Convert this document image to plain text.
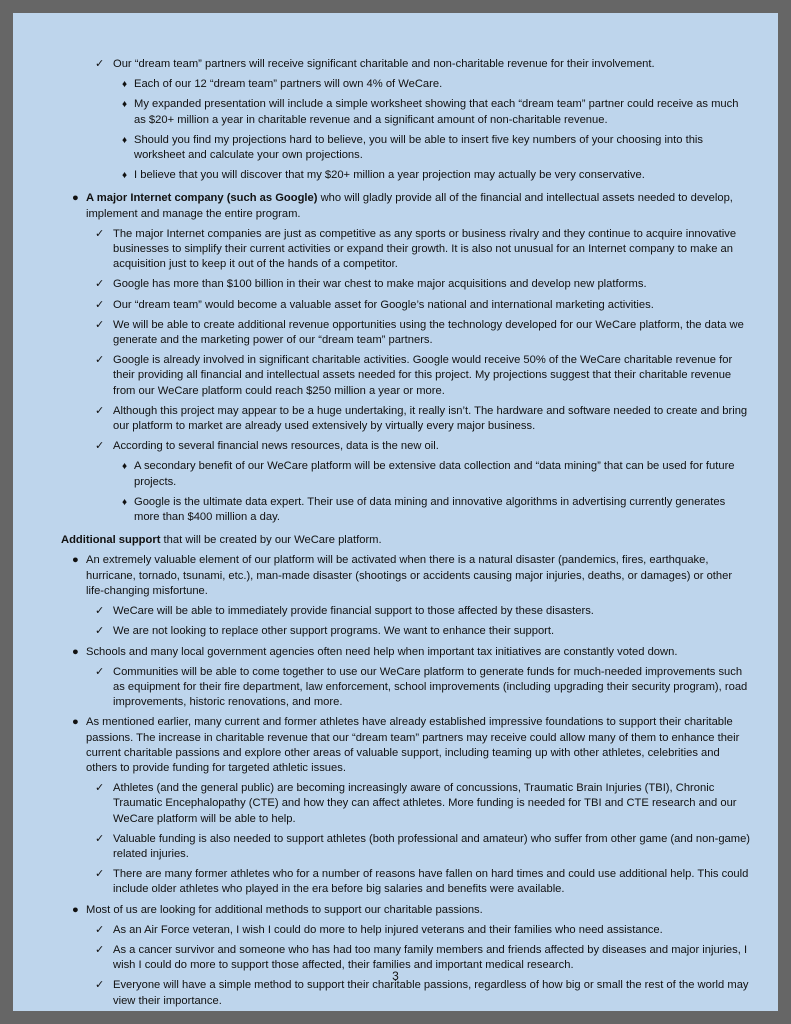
✓ Our “dream team” partners will receive significant charitable and non-charitable revenue for their involvement.
♦ Each of our 12 “dream team” partners will own 4% of WeCare.
♦ My expanded presentation will include a simple worksheet showing that each “dream team” partner could receive as much as $20+ million a year in charitable revenue and a significant amount of non-charitable revenue.
♦ Should you find my projections hard to believe, you will be able to insert five key numbers of your choosing into this worksheet and calculate your own projections.
♦ I believe that you will discover that my $20+ million a year projection may actually be very conservative.
● A major Internet company (such as Google) who will gladly provide all of the financial and intellectual assets needed to develop, implement and manage the entire program.
✓ The major Internet companies are just as competitive as any sports or business rivalry and they continue to acquire innovative businesses to simplify their current activities or expand their growth. It is also not unusual for an Internet company to make an acquisition just to keep it out of the hands of a competitor.
✓ Google has more than $100 billion in their war chest to make major acquisitions and develop new platforms.
✓ Our “dream team” would become a valuable asset for Google’s national and international marketing activities.
✓ We will be able to create additional revenue opportunities using the technology developed for our WeCare platform, the data we generate and the marketing power of our “dream team” partners.
✓ Google is already involved in significant charitable activities. Google would receive 50% of the WeCare charitable revenue for their providing all financial and intellectual assets needed for this project. My projections suggest that their charitable revenue from our WeCare platform could reach $250 million a year or more.
✓ Although this project may appear to be a huge undertaking, it really isn’t. The hardware and software needed to create and bring our platform to market are already used extensively by virtually every major business.
✓ According to several financial news resources, data is the new oil.
♦ A secondary benefit of our WeCare platform will be extensive data collection and “data mining” that can be used for future projects.
♦ Google is the ultimate data expert. Their use of data mining and innovative algorithms in advertising currently generates more than $400 million a day.
Additional support that will be created by our WeCare platform.
● An extremely valuable element of our platform will be activated when there is a natural disaster (pandemics, fires, earthquake, hurricane, tornado, tsunami, etc.), man-made disaster (shootings or accidents causing major injuries, deaths, or damages) or other life-changing misfortune.
✓ WeCare will be able to immediately provide financial support to those affected by these disasters.
✓ We are not looking to replace other support programs. We want to enhance their support.
● Schools and many local government agencies often need help when important tax initiatives are constantly voted down.
✓ Communities will be able to come together to use our WeCare platform to generate funds for much-needed improvements such as equipment for their fire department, law enforcement, school improvements (including upgrading their security program), road improvements, historic renovations, and more.
● As mentioned earlier, many current and former athletes have already established impressive foundations to support their charitable passions. The increase in charitable revenue that our “dream team” partners may receive could allow many of them to enhance their current charitable passions and explore other areas of valuable support, including teaming up with other athletes, celebrities and others to provide funding for targeted athletic issues.
✓ Athletes (and the general public) are becoming increasingly aware of concussions, Traumatic Brain Injuries (TBI), Chronic Traumatic Encephalopathy (CTE) and how they can affect athletes. More funding is needed for TBI and CTE research and our WeCare platform will be able to help.
✓ Valuable funding is also needed to support athletes (both professional and amateur) who suffer from other game (and non-game) related injuries.
✓ There are many former athletes who for a number of reasons have fallen on hard times and could use additional help. This could include older athletes who played in the era before big salaries and benefits were available.
● Most of us are looking for additional methods to support our charitable passions.
✓ As an Air Force veteran, I wish I could do more to help injured veterans and their families who need assistance.
✓ As a cancer survivor and someone who has had too many family members and friends affected by diseases and major injuries, I wish I could do more to support those affected, their families and important medical research.
✓ Everyone will have a simple method to support their charitable passions, regardless of how big or small the rest of the world may view their importance.
3
